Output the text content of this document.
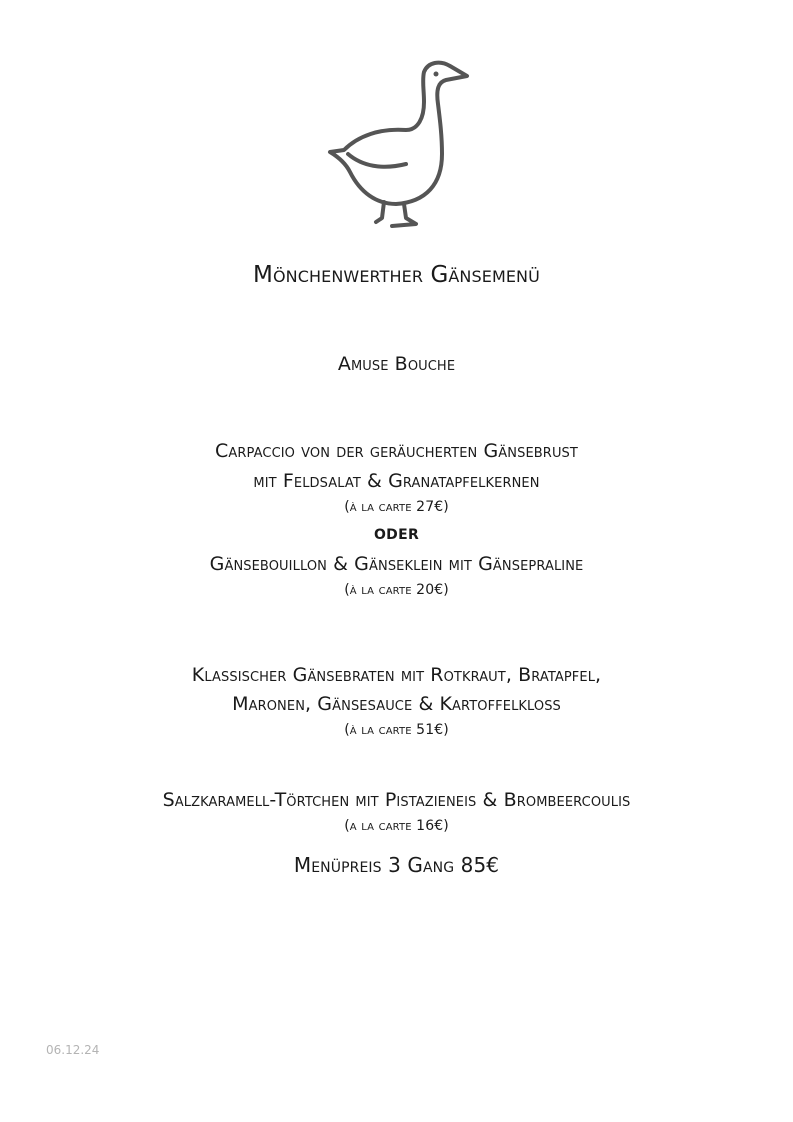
Mönchenwerther Gänsemenü
Amuse Bouche
Carpaccio von der geräucherten Gänsebrust
mit Feldsalat & Granatapfelkernen
(à la carte 27€)
ODER
Gänsebouillon & Gänseklein mit Gänsepraline
(à la carte 20€)
Klassischer Gänsebraten mit Rotkraut, Bratapfel,
Maronen, Gänsesauce & Kartoffelkloß
(à la carte 51€)
Salzkaramell-Törtchen mit Pistazieneis & Brombeercoulis
(a la carte 16€)
Menüpreis 3 Gang 85€
06.12.24
